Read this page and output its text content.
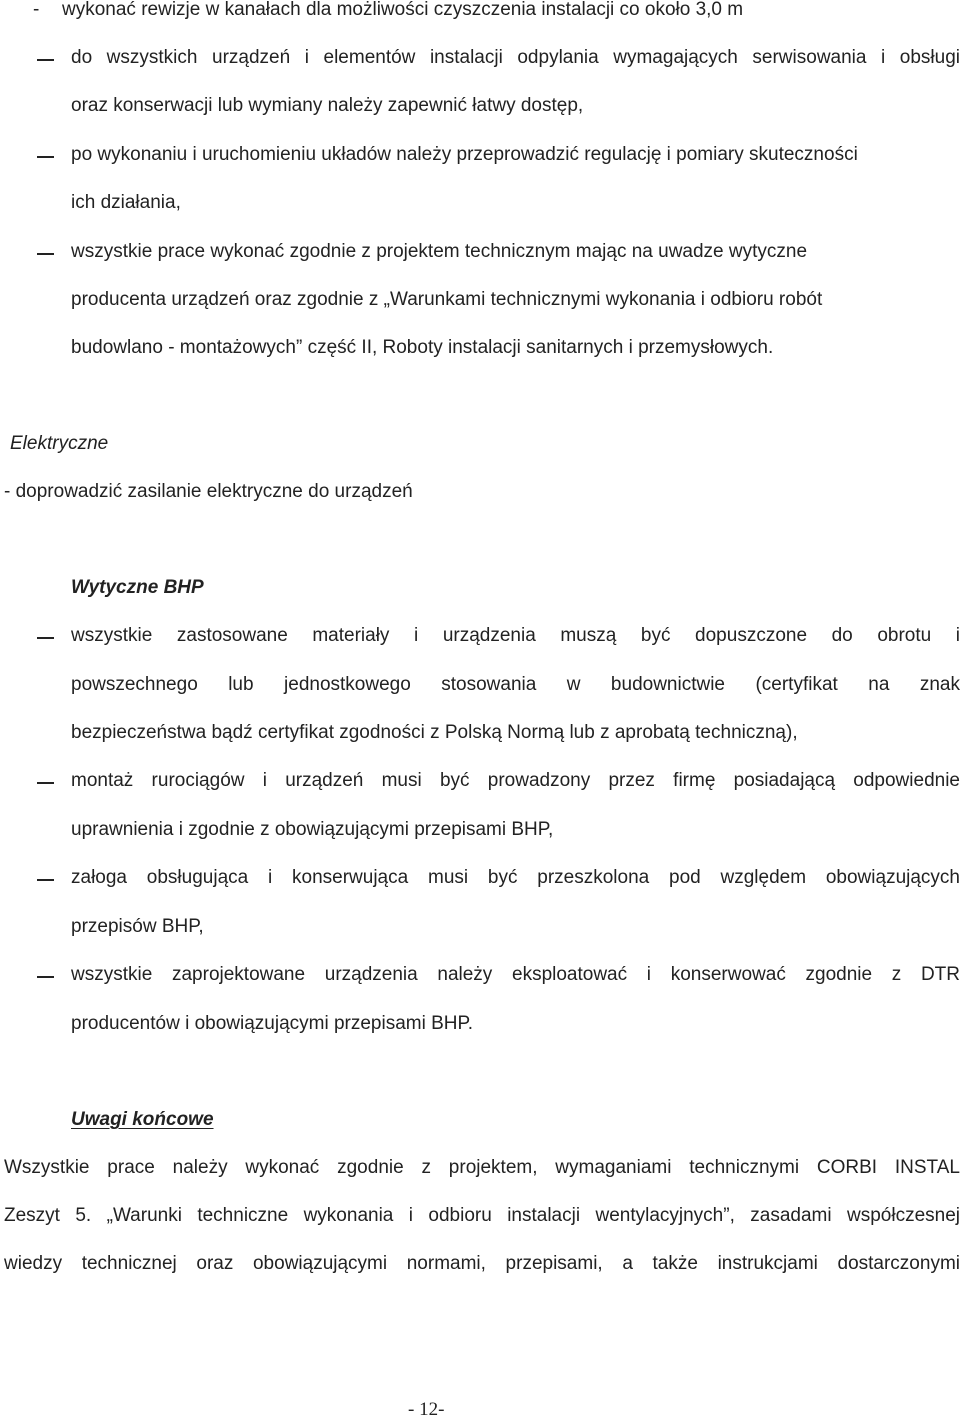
- wykonać rewizje w kanałach dla możliwości czyszczenia instalacji co około 3,0 m

do wszystkich urządzeń i elementów instalacji odpylania wymagających serwisowania i obsługi

oraz konserwacji lub wymiany należy zapewnić łatwy dostęp,

po wykonaniu i uruchomieniu układów należy przeprowadzić regulację i pomiary skuteczności

ich działania,

wszystkie prace wykonać zgodnie z projektem technicznym mając na uwadze wytyczne

producenta urządzeń oraz zgodnie z „Warunkami technicznymi wykonania i odbioru robót

budowlano - montażowych” część II, Roboty instalacji sanitarnych i przemysłowych.

Elektryczne

- doprowadzić zasilanie elektryczne do urządzeń

Wytyczne BHP

wszystkie zastosowane materiały i urządzenia muszą być dopuszczone do obrotu i

powszechnego lub jednostkowego stosowania w budownictwie (certyfikat na znak

bezpieczeństwa bądź certyfikat zgodności z Polską Normą lub z aprobatą techniczną),

montaż rurociągów i urządzeń musi być prowadzony przez firmę posiadającą odpowiednie

uprawnienia i zgodnie z obowiązującymi przepisami BHP,

załoga obsługująca i konserwująca musi być przeszkolona pod względem obowiązujących

przepisów BHP,

wszystkie zaprojektowane urządzenia należy eksploatować i konserwować zgodnie z DTR

producentów i obowiązującymi przepisami BHP.

Uwagi końcowe

Wszystkie prace należy wykonać zgodnie z projektem, wymaganiami technicznymi CORBI INSTAL

Zeszyt 5. „Warunki techniczne wykonania i odbioru instalacji wentylacyjnych”, zasadami współczesnej

wiedzy technicznej oraz obowiązującymi normami, przepisami, a także instrukcjami dostarczonymi

- 12-
